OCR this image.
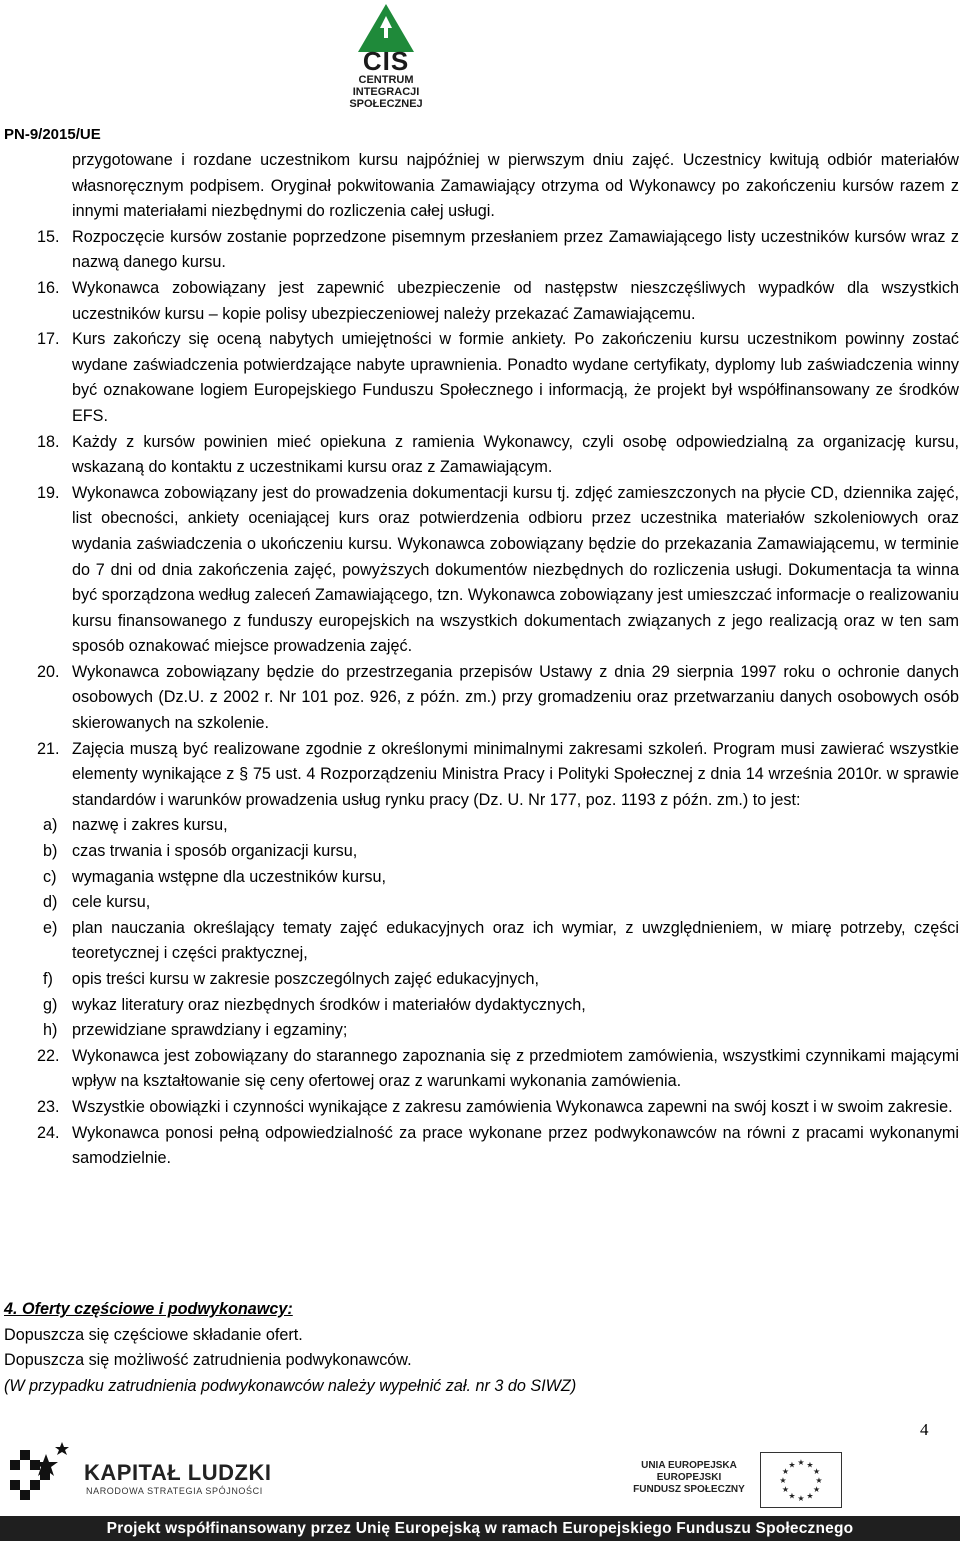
CIS
CENTRUM
INTEGRACJI
SPOŁECZNEJ
PN-9/2015/UE
przygotowane i rozdane uczestnikom kursu najpóźniej w pierwszym dniu zajęć. Uczestnicy kwitują odbiór materiałów własnoręcznym podpisem. Oryginał pokwitowania Zamawiający otrzyma od Wykonawcy po zakończeniu kursów razem z innymi materiałami niezbędnymi do rozliczenia całej usługi.
15. Rozpoczęcie kursów zostanie poprzedzone pisemnym przesłaniem przez Zamawiającego listy uczestników kursów wraz z nazwą danego kursu.
16. Wykonawca zobowiązany jest zapewnić ubezpieczenie od następstw nieszczęśliwych wypadków dla wszystkich uczestników kursu – kopie polisy ubezpieczeniowej należy przekazać Zamawiającemu.
17. Kurs zakończy się oceną nabytych umiejętności w formie ankiety. Po zakończeniu kursu uczestnikom powinny zostać wydane zaświadczenia potwierdzające nabyte uprawnienia. Ponadto wydane certyfikaty, dyplomy lub zaświadczenia winny być oznakowane logiem Europejskiego Funduszu Społecznego i informacją, że projekt był współfinansowany ze środków EFS.
18. Każdy z kursów powinien mieć opiekuna z ramienia Wykonawcy, czyli osobę odpowiedzialną za organizację kursu, wskazaną do kontaktu z uczestnikami kursu oraz z Zamawiającym.
19. Wykonawca zobowiązany jest do prowadzenia dokumentacji kursu tj. zdjęć zamieszczonych na płycie CD, dziennika zajęć, list obecności, ankiety oceniającej kurs oraz potwierdzenia odbioru przez uczestnika materiałów szkoleniowych oraz wydania zaświadczenia o ukończeniu kursu. Wykonawca zobowiązany będzie do przekazania Zamawiającemu, w terminie do 7 dni od dnia zakończenia zajęć, powyższych dokumentów niezbędnych do rozliczenia usługi. Dokumentacja ta winna być sporządzona według zaleceń Zamawiającego, tzn. Wykonawca zobowiązany jest umieszczać informacje o realizowaniu kursu finansowanego z funduszy europejskich na wszystkich dokumentach związanych z jego realizacją oraz w ten sam sposób oznakować miejsce prowadzenia zajęć.
20. Wykonawca zobowiązany będzie do przestrzegania przepisów Ustawy z dnia 29 sierpnia 1997 roku o ochronie danych osobowych (Dz.U. z 2002 r. Nr 101 poz. 926, z późn. zm.) przy gromadzeniu oraz przetwarzaniu danych osobowych osób skierowanych na szkolenie.
21. Zajęcia muszą być realizowane zgodnie z określonymi minimalnymi zakresami szkoleń. Program musi zawierać wszystkie elementy wynikające z § 75 ust. 4 Rozporządzeniu Ministra Pracy i Polityki Społecznej z dnia 14 września 2010r. w sprawie standardów i warunków prowadzenia usług rynku pracy (Dz. U. Nr 177, poz. 1193 z późn. zm.) to jest:
a) nazwę i zakres kursu,
b) czas trwania i sposób organizacji kursu,
c) wymagania wstępne dla uczestników kursu,
d) cele kursu,
e) plan nauczania określający tematy zajęć edukacyjnych oraz ich wymiar, z uwzględnieniem, w miarę potrzeby, części teoretycznej i części praktycznej,
f) opis treści kursu w zakresie poszczególnych zajęć edukacyjnych,
g) wykaz literatury oraz niezbędnych środków i materiałów dydaktycznych,
h) przewidziane sprawdziany i egzaminy;
22. Wykonawca jest zobowiązany do starannego zapoznania się z przedmiotem zamówienia, wszystkimi czynnikami mającymi wpływ na kształtowanie się ceny ofertowej oraz z warunkami wykonania zamówienia.
23. Wszystkie obowiązki i czynności wynikające z zakresu zamówienia Wykonawca zapewni na swój koszt i w swoim zakresie.
24. Wykonawca ponosi pełną odpowiedzialność za prace wykonane przez podwykonawców na równi z pracami wykonanymi samodzielnie.
4. Oferty częściowe i podwykonawcy:
Dopuszcza się częściowe składanie ofert.
Dopuszcza się możliwość zatrudnienia podwykonawców.
(W przypadku zatrudnienia podwykonawców należy wypełnić zał. nr 3 do SIWZ)
4
KAPITAŁ LUDZKI
NARODOWA STRATEGIA SPÓJNOŚCI
UNIA EUROPEJSKA
EUROPEJSKI
FUNDUSZ SPOŁECZNY
★
★
★
★
★
★
★
★
★ ★ ★
★
Projekt współfinansowany przez Unię Europejską w ramach Europejskiego Funduszu Społecznego
